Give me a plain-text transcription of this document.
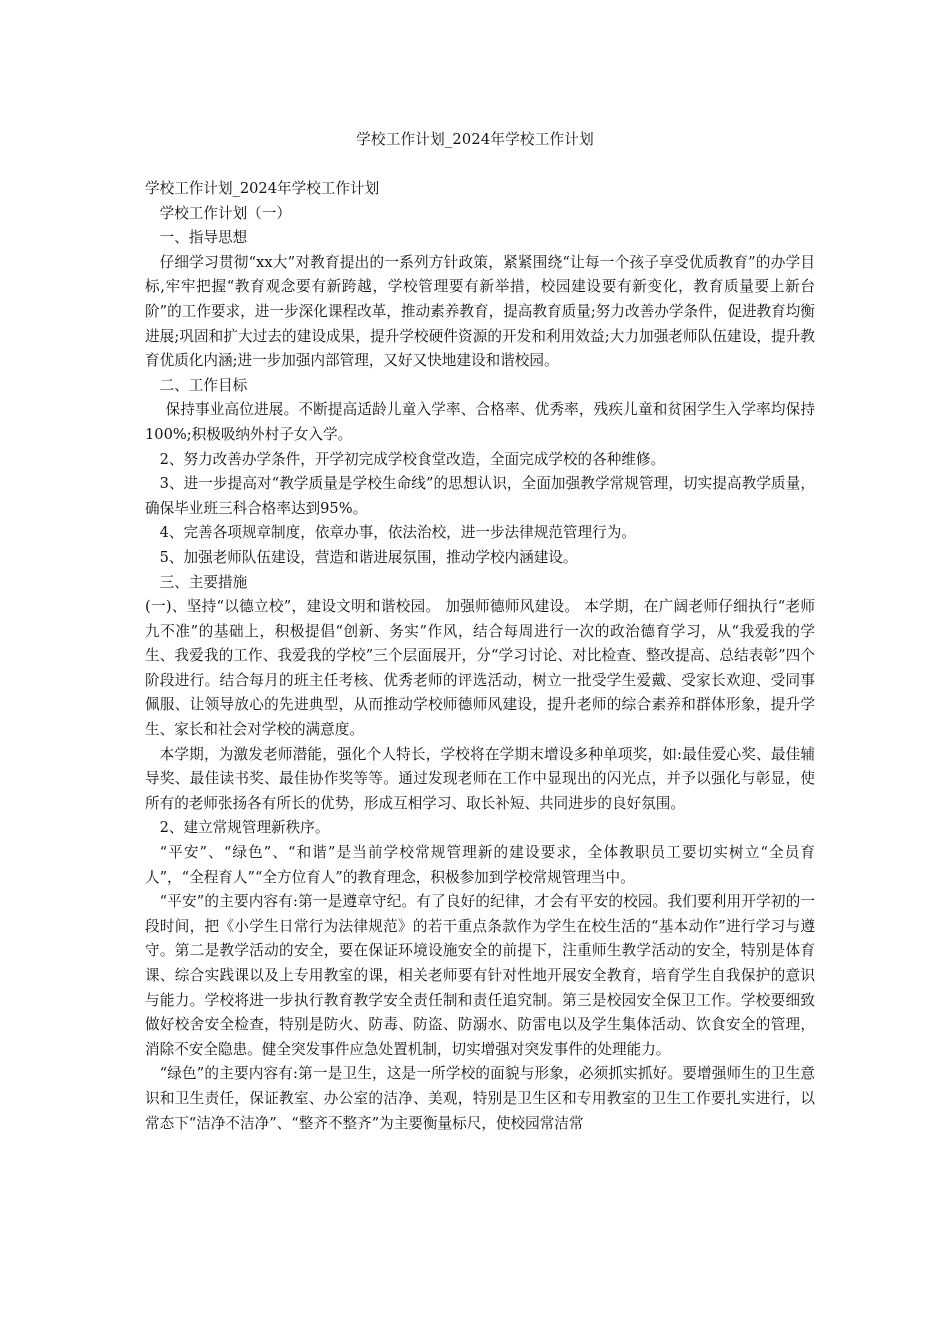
学校工作计划_2024年学校工作计划

学校工作计划_2024年学校工作计划

学校工作计划（一）

一、指导思想

仔细学习贯彻“xx大”对教育提出的一系列方针政策，紧紧围绕“让每一个孩子享受优质教育”的办学目标,牢牢把握“教育观念要有新跨越，学校管理要有新举措，校园建设要有新变化，教育质量要上新台阶”的工作要求，进一步深化课程改革，推动素养教育，提高教育质量;努力改善办学条件，促进教育均衡进展;巩固和扩大过去的建设成果，提升学校硬件资源的开发和利用效益;大力加强老师队伍建设，提升教育优质化内涵;进一步加强内部管理，又好又快地建设和谐校园。

二、工作目标

保持事业高位进展。不断提高适龄儿童入学率、合格率、优秀率，残疾儿童和贫困学生入学率均保持100%;积极吸纳外村子女入学。

2、努力改善办学条件，开学初完成学校食堂改造，全面完成学校的各种维修。

3、进一步提高对“教学质量是学校生命线”的思想认识，全面加强教学常规管理，切实提高教学质量，确保毕业班三科合格率达到95%。

4、完善各项规章制度，依章办事，依法治校，进一步法律规范管理行为。

5、加强老师队伍建设，营造和谐进展氛围，推动学校内涵建设。

三、主要措施

(一)、坚持“以德立校”，建设文明和谐校园。 加强师德师风建设。 本学期，在广阔老师仔细执行“老师九不准”的基础上，积极提倡“创新、务实”作风，结合每周进行一次的政治德育学习，从“我爱我的学生、我爱我的工作、我爱我的学校”三个层面展开，分“学习讨论、对比检查、整改提高、总结表彰”四个阶段进行。结合每月的班主任考核、优秀老师的评选活动，树立一批受学生爱戴、受家长欢迎、受同事佩服、让领导放心的先进典型，从而推动学校师德师风建设，提升老师的综合素养和群体形象，提升学生、家长和社会对学校的满意度。

本学期，为激发老师潜能，强化个人特长，学校将在学期末增设多种单项奖，如:最佳爱心奖、最佳辅导奖、最佳读书奖、最佳协作奖等等。通过发现老师在工作中显现出的闪光点，并予以强化与彰显，使所有的老师张扬各有所长的优势，形成互相学习、取长补短、共同进步的良好氛围。

2、建立常规管理新秩序。

“平安”、“绿色”、“和谐”是当前学校常规管理新的建设要求，全体教职员工要切实树立“全员育人”，“全程育人”“全方位育人”的教育理念，积极参加到学校常规管理当中。

“平安”的主要内容有:第一是遵章守纪。有了良好的纪律，才会有平安的校园。我们要利用开学初的一段时间，把《小学生日常行为法律规范》的若干重点条款作为学生在校生活的“基本动作”进行学习与遵守。第二是教学活动的安全，要在保证环境设施安全的前提下，注重师生教学活动的安全，特别是体育课、综合实践课以及上专用教室的课，相关老师要有针对性地开展安全教育，培育学生自我保护的意识与能力。学校将进一步执行教育教学安全责任制和责任追究制。第三是校园安全保卫工作。学校要细致做好校舍安全检查，特别是防火、防毒、防盗、防溺水、防雷电以及学生集体活动、饮食安全的管理，消除不安全隐患。健全突发事件应急处置机制，切实增强对突发事件的处理能力。

“绿色”的主要内容有:第一是卫生，这是一所学校的面貌与形象，必须抓实抓好。要增强师生的卫生意识和卫生责任，保证教室、办公室的洁净、美观，特别是卫生区和专用教室的卫生工作要扎实进行，以常态下“洁净不洁净”、“整齐不整齐”为主要衡量标尺，使校园常洁常
